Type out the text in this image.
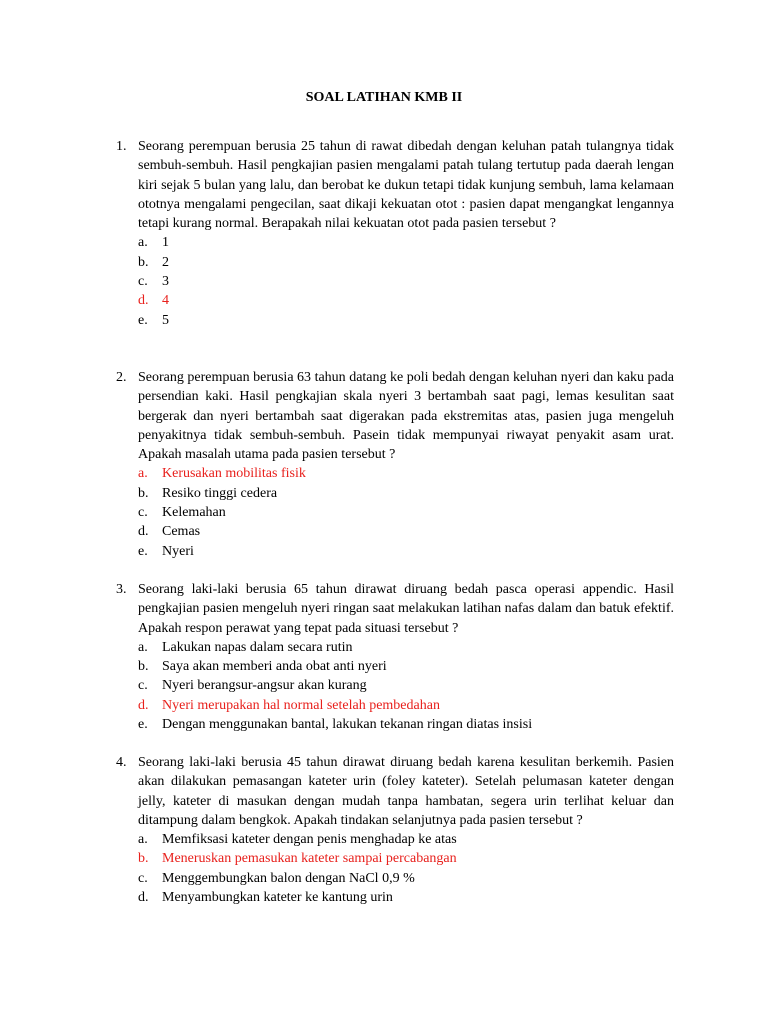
SOAL LATIHAN KMB II
1. Seorang perempuan berusia 25 tahun di rawat dibedah dengan keluhan patah tulangnya tidak sembuh-sembuh. Hasil pengkajian pasien mengalami patah tulang tertutup pada daerah lengan kiri sejak 5 bulan yang lalu, dan berobat ke dukun tetapi tidak kunjung sembuh, lama kelamaan ototnya mengalami pengecilan, saat dikaji kekuatan otot : pasien dapat mengangkat lengannya tetapi kurang normal. Berapakah nilai kekuatan otot pada pasien tersebut ?
a. 1
b. 2
c. 3
d. 4
e. 5
2. Seorang perempuan berusia 63 tahun datang ke poli bedah dengan keluhan nyeri dan kaku pada persendian kaki. Hasil pengkajian skala nyeri 3 bertambah saat pagi, lemas kesulitan saat bergerak dan nyeri bertambah saat digerakan pada ekstremitas atas, pasien juga mengeluh penyakitnya tidak sembuh-sembuh. Pasein tidak mempunyai riwayat penyakit asam urat. Apakah masalah utama pada pasien tersebut ?
a. Kerusakan mobilitas fisik
b. Resiko tinggi cedera
c. Kelemahan
d. Cemas
e. Nyeri
3. Seorang laki-laki berusia 65 tahun dirawat diruang bedah pasca operasi appendic. Hasil pengkajian pasien mengeluh nyeri ringan saat melakukan latihan nafas dalam dan batuk efektif. Apakah respon perawat yang tepat pada situasi tersebut ?
a. Lakukan napas dalam secara rutin
b. Saya akan memberi anda obat anti nyeri
c. Nyeri berangsur-angsur akan kurang
d. Nyeri merupakan hal normal setelah pembedahan
e. Dengan menggunakan bantal, lakukan tekanan ringan diatas insisi
4. Seorang laki-laki berusia 45 tahun dirawat diruang bedah karena kesulitan berkemih. Pasien akan dilakukan pemasangan kateter urin (foley kateter). Setelah pelumasan kateter dengan jelly, kateter di masukan dengan mudah tanpa hambatan, segera urin terlihat keluar dan ditampung dalam bengkok. Apakah tindakan selanjutnya pada pasien tersebut ?
a. Memfiksasi kateter dengan penis menghadap ke atas
b. Meneruskan pemasukan kateter sampai percabangan
c. Menggembungkan balon dengan NaCl 0,9 %
d. Menyambungkan kateter ke kantung urin
